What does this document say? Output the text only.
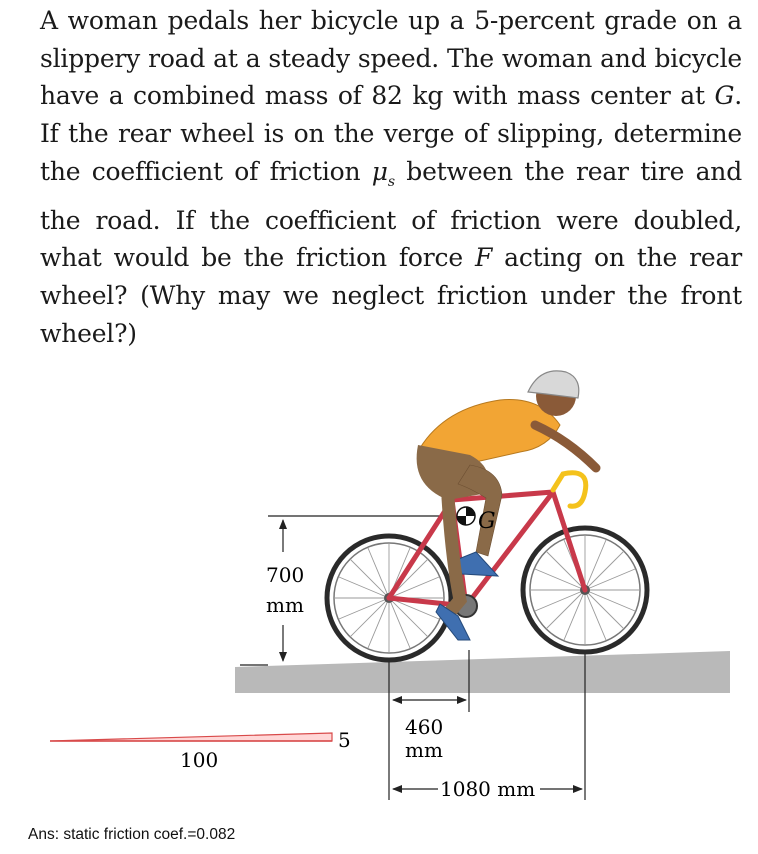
A woman pedals her bicycle up a 5-percent grade on a slippery road at a steady speed. The woman and bicycle have a combined mass of 82 kg with mass center at G. If the rear wheel is on the verge of slipping, determine the coefficient of friction $\mu_s$ between the rear tire and the road. If the coefficient of friction were doubled, what would be the friction force F acting on the rear wheel? (Why may we neglect friction under the front wheel?)

700
mm
5
100
460
mm
1080 mm
G
Ans: static friction coef.=0.082
